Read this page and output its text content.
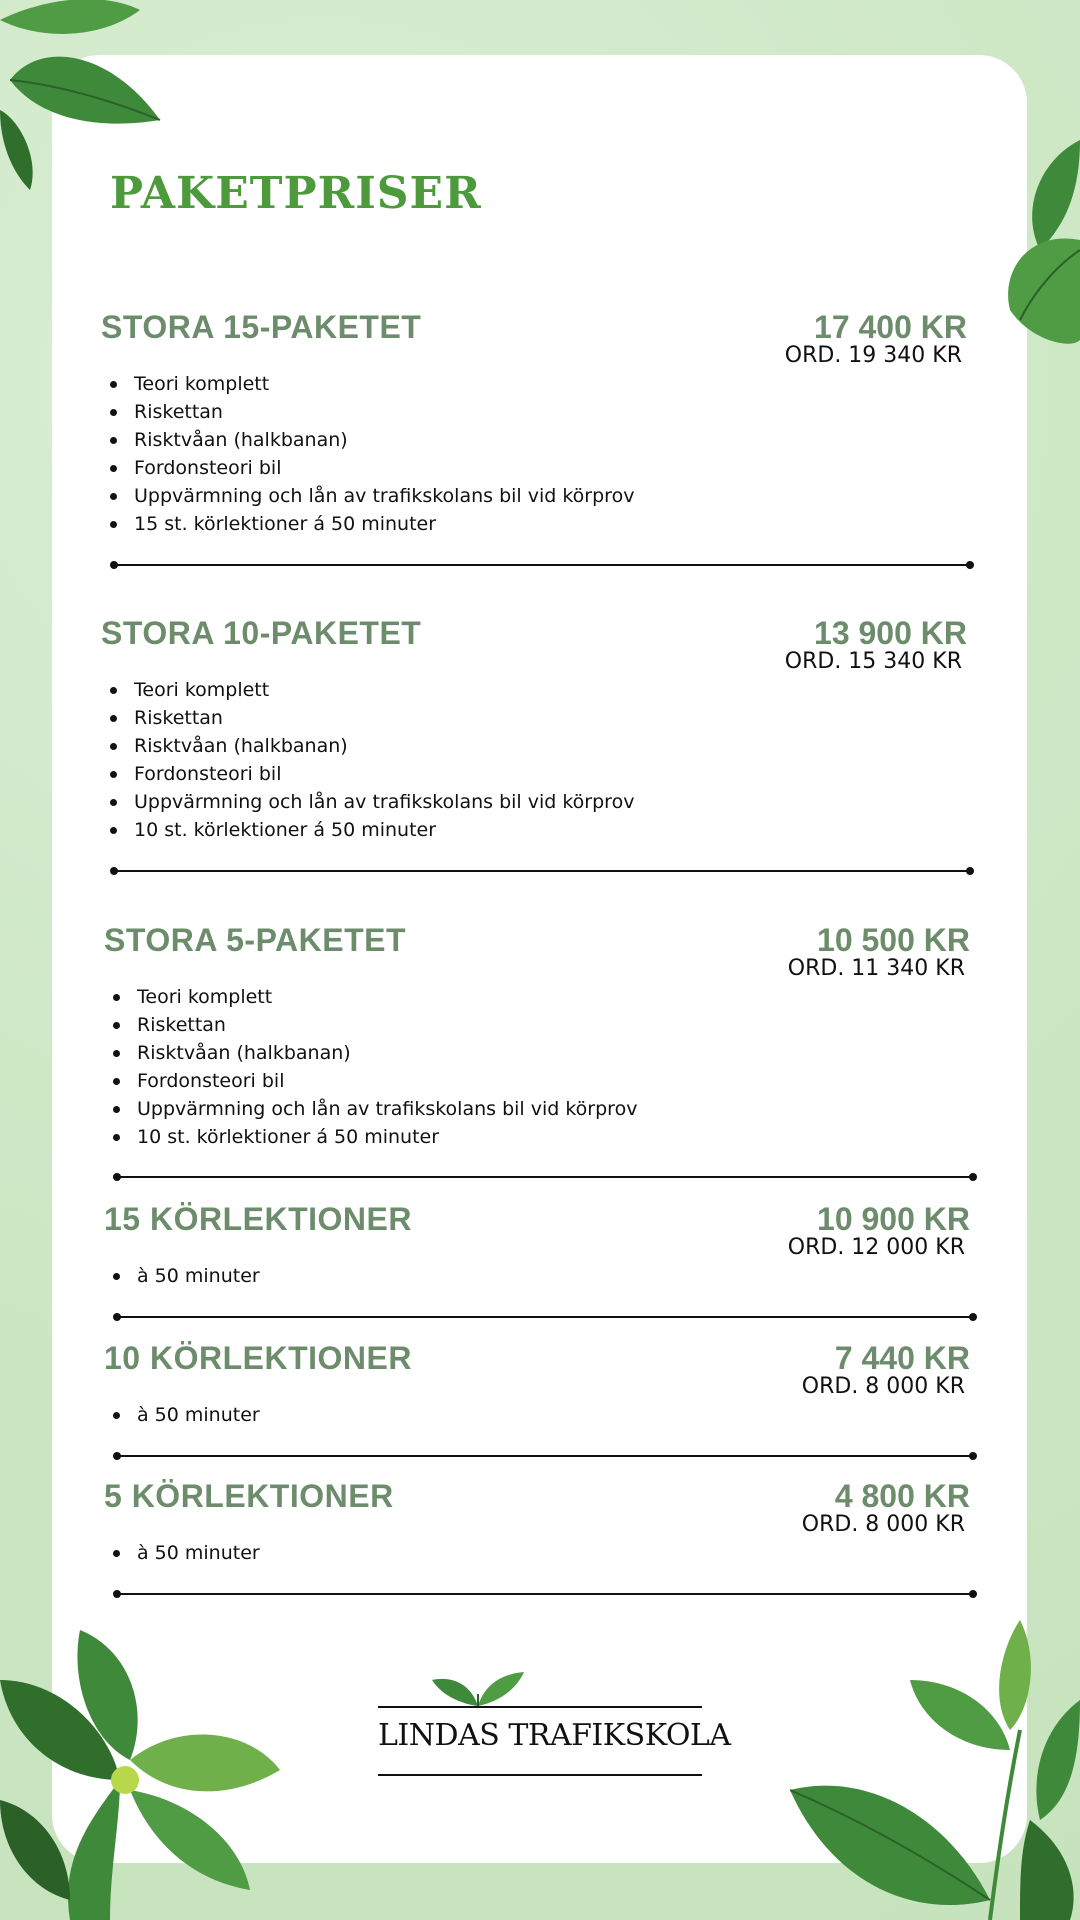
PAKETPRISER
STORA 15-PAKETET	17 400 KR
ORD. 19 340 KR
Teori komplett
Riskettan
Risktvåan (halkbanan)
Fordonsteori bil
Uppvärmning och lån av trafikskolans bil vid körprov
15 st. körlektioner á 50 minuter
STORA 10-PAKETET	13 900 KR
ORD. 15 340 KR
Teori komplett
Riskettan
Risktvåan (halkbanan)
Fordonsteori bil
Uppvärmning och lån av trafikskolans bil vid körprov
10 st. körlektioner á 50 minuter
STORA 5-PAKETET	10 500 KR
ORD. 11 340 KR
Teori komplett
Riskettan
Risktvåan (halkbanan)
Fordonsteori bil
Uppvärmning och lån av trafikskolans bil vid körprov
10 st. körlektioner á 50 minuter
15 KÖRLEKTIONER	10 900 KR
ORD. 12 000 KR
à 50 minuter
10 KÖRLEKTIONER	7 440 KR
ORD. 8 000 KR
à 50 minuter
5 KÖRLEKTIONER	4 800 KR
ORD. 8 000 KR
à 50 minuter
LINDAS TRAFIKSKOLA
